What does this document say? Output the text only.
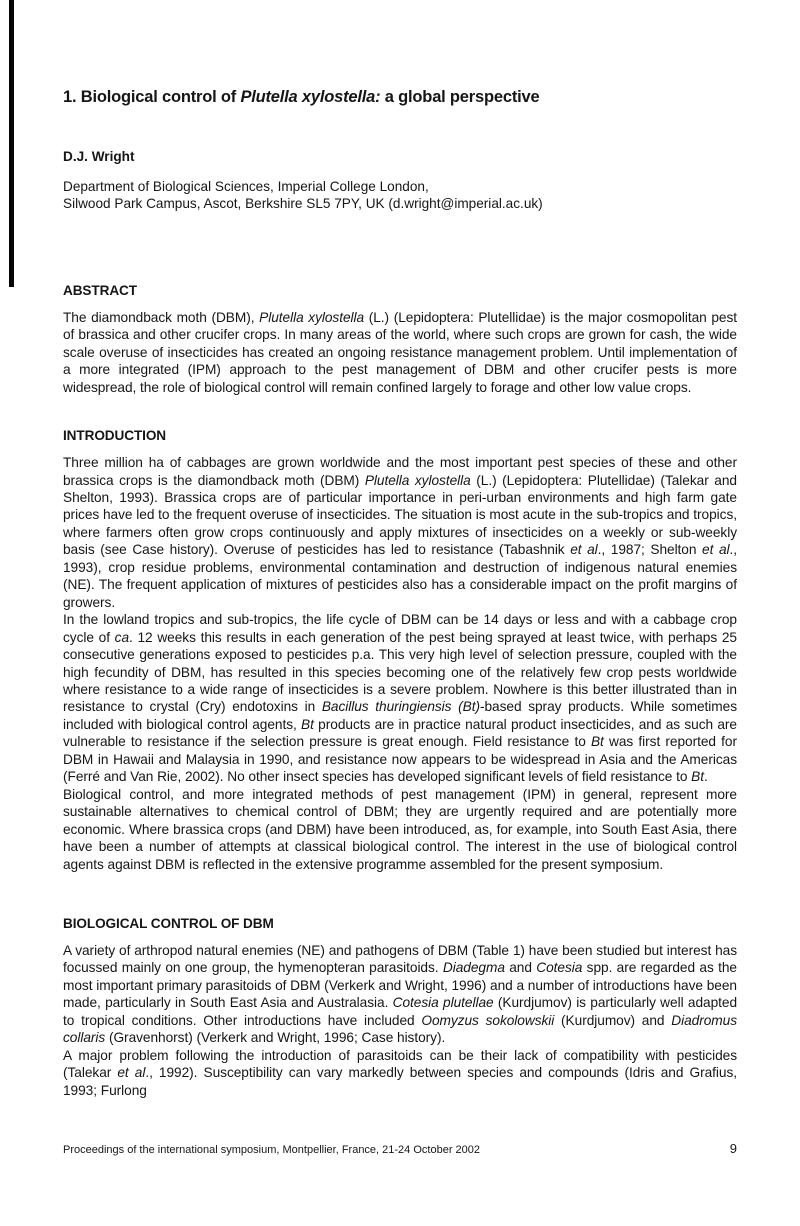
1. Biological control of Plutella xylostella: a global perspective
D.J. Wright
Department of Biological Sciences, Imperial College London,
Silwood Park Campus, Ascot, Berkshire SL5 7PY, UK (d.wright@imperial.ac.uk)
ABSTRACT

The diamondback moth (DBM), Plutella xylostella (L.) (Lepidoptera: Plutellidae) is the major cosmopolitan pest of brassica and other crucifer crops. In many areas of the world, where such crops are grown for cash, the wide scale overuse of insecticides has created an ongoing resistance management problem. Until implementation of a more integrated (IPM) approach to the pest management of DBM and other crucifer pests is more widespread, the role of biological control will remain confined largely to forage and other low value crops.

INTRODUCTION

Three million ha of cabbages are grown worldwide and the most important pest species of these and other brassica crops is the diamondback moth (DBM) Plutella xylostella (L.) (Lepidoptera: Plutellidae) (Talekar and Shelton, 1993). Brassica crops are of particular importance in peri-urban environments and high farm gate prices have led to the frequent overuse of insecticides. The situation is most acute in the sub-tropics and tropics, where farmers often grow crops continuously and apply mixtures of insecticides on a weekly or sub-weekly basis (see Case history). Overuse of pesticides has led to resistance (Tabashnik et al., 1987; Shelton et al., 1993), crop residue problems, environmental contamination and destruction of indigenous natural enemies (NE). The frequent application of mixtures of pesticides also has a considerable impact on the profit margins of growers.

In the lowland tropics and sub-tropics, the life cycle of DBM can be 14 days or less and with a cabbage crop cycle of ca. 12 weeks this results in each generation of the pest being sprayed at least twice, with perhaps 25 consecutive generations exposed to pesticides p.a. This very high level of selection pressure, coupled with the high fecundity of DBM, has resulted in this species becoming one of the relatively few crop pests worldwide where resistance to a wide range of insecticides is a severe problem. Nowhere is this better illustrated than in resistance to crystal (Cry) endotoxins in Bacillus thuringiensis (Bt)-based spray products. While sometimes included with biological control agents, Bt products are in practice natural product insecticides, and as such are vulnerable to resistance if the selection pressure is great enough. Field resistance to Bt was first reported for DBM in Hawaii and Malaysia in 1990, and resistance now appears to be widespread in Asia and the Americas (Ferré and Van Rie, 2002). No other insect species has developed significant levels of field resistance to Bt.

Biological control, and more integrated methods of pest management (IPM) in general, represent more sustainable alternatives to chemical control of DBM; they are urgently required and are potentially more economic. Where brassica crops (and DBM) have been introduced, as, for example, into South East Asia, there have been a number of attempts at classical biological control. The interest in the use of biological control agents against DBM is reflected in the extensive programme assembled for the present symposium.

BIOLOGICAL CONTROL OF DBM

A variety of arthropod natural enemies (NE) and pathogens of DBM (Table 1) have been studied but interest has focussed mainly on one group, the hymenopteran parasitoids. Diadegma and Cotesia spp. are regarded as the most important primary parasitoids of DBM (Verkerk and Wright, 1996) and a number of introductions have been made, particularly in South East Asia and Australasia. Cotesia plutellae (Kurdjumov) is particularly well adapted to tropical conditions. Other introductions have included Oomyzus sokolowskii (Kurdjumov) and Diadromus collaris (Gravenhorst) (Verkerk and Wright, 1996; Case history).

A major problem following the introduction of parasitoids can be their lack of compatibility with pesticides (Talekar et al., 1992). Susceptibility can vary markedly between species and compounds (Idris and Grafius, 1993; Furlong

Proceedings of the international symposium, Montpellier, France, 21-24 October 2002	9
